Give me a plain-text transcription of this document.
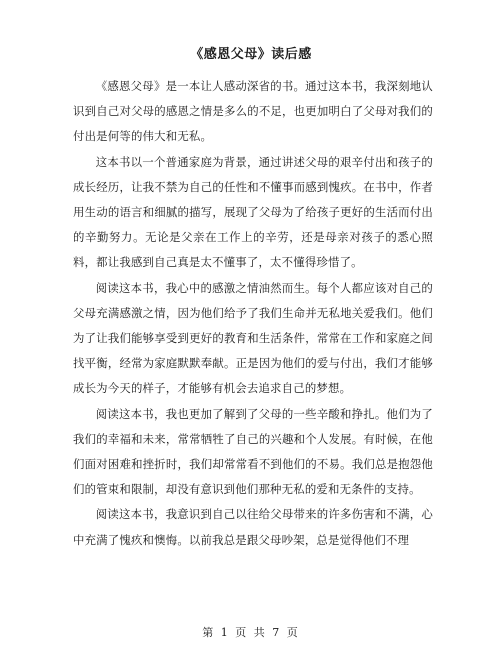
《感恩父母》读后感

《感恩父母》是一本让人感动深省的书。通过这本书，我深刻地认识到自己对父母的感恩之情是多么的不足，也更加明白了父母对我们的付出是何等的伟大和无私。

这本书以一个普通家庭为背景，通过讲述父母的艰辛付出和孩子的成长经历，让我不禁为自己的任性和不懂事而感到愧疚。在书中，作者用生动的语言和细腻的描写，展现了父母为了给孩子更好的生活而付出的辛勤努力。无论是父亲在工作上的辛劳，还是母亲对孩子的悉心照料，都让我感到自己真是太不懂事了，太不懂得珍惜了。

阅读这本书，我心中的感激之情油然而生。每个人都应该对自己的父母充满感激之情，因为他们给予了我们生命并无私地关爱我们。他们为了让我们能够享受到更好的教育和生活条件，常常在工作和家庭之间找平衡，经常为家庭默默奉献。正是因为他们的爱与付出，我们才能够成长为今天的样子，才能够有机会去追求自己的梦想。

阅读这本书，我也更加了解到了父母的一些辛酸和挣扎。他们为了我们的幸福和未来，常常牺牲了自己的兴趣和个人发展。有时候，在他们面对困难和挫折时，我们却常常看不到他们的不易。我们总是抱怨他们的管束和限制，却没有意识到他们那种无私的爱和无条件的支持。

阅读这本书，我意识到自己以往给父母带来的许多伤害和不满，心中充满了愧疚和懊悔。以前我总是跟父母吵架，总是觉得他们不理

第 1 页 共 7 页
